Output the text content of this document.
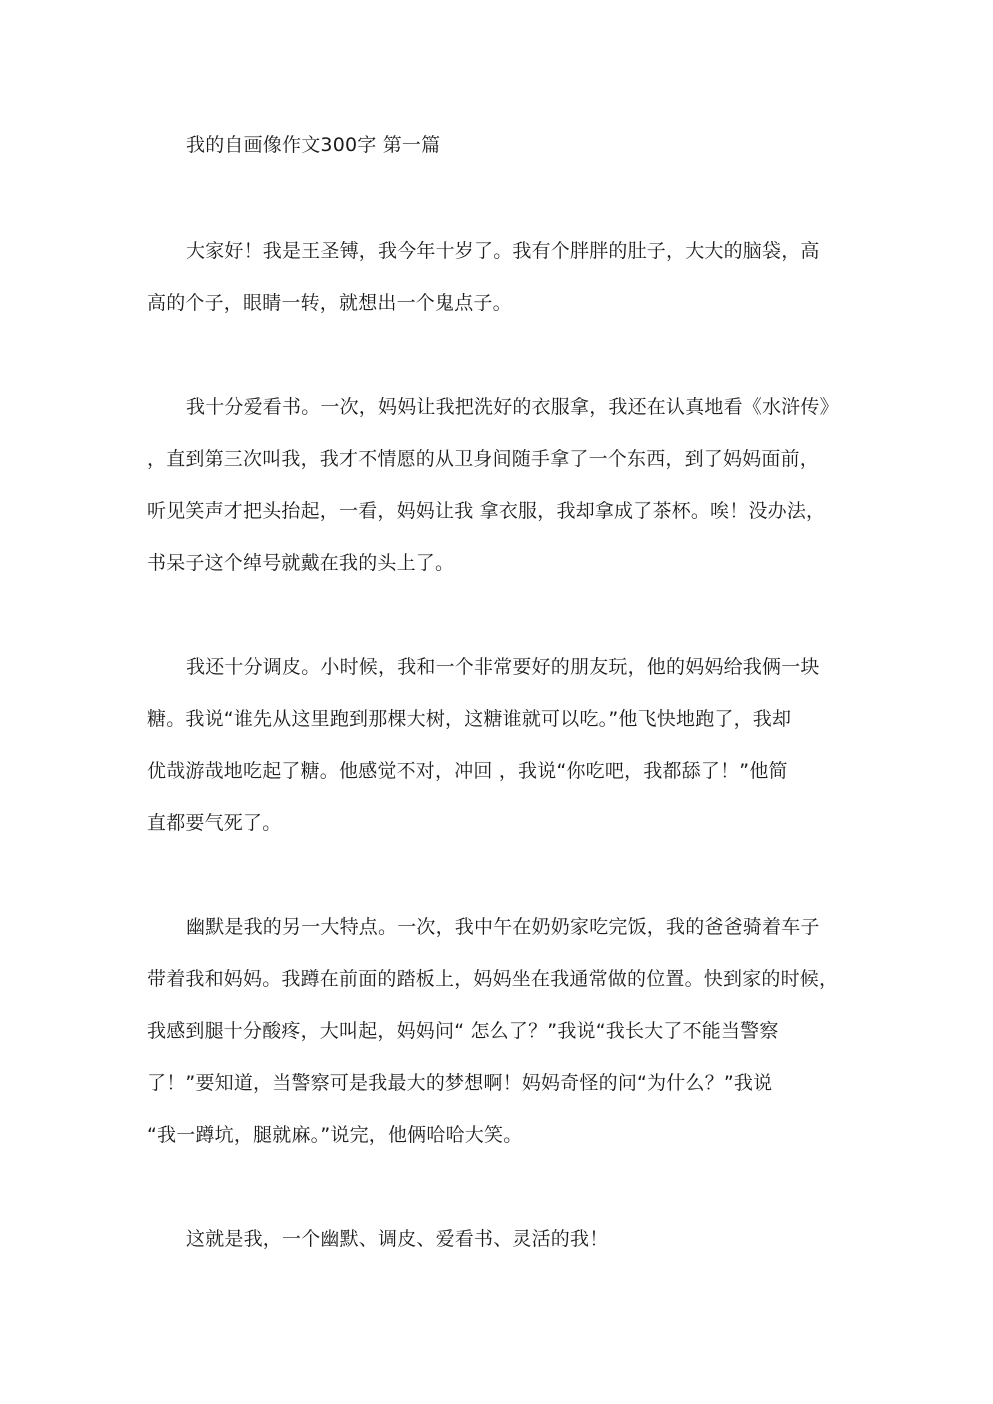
我的自画像作文300字 第一篇
大家好！我是王圣镈，我今年十岁了。我有个胖胖的肚子，大大的脑袋，高
高的个子，眼睛一转，就想出一个鬼点子。
我十分爱看书。一次，妈妈让我把洗好的衣服拿，我还在认真地看《水浒传》
，直到第三次叫我，我才不情愿的从卫身间随手拿了一个东西，到了妈妈面前，
听见笑声才把头抬起，一看，妈妈让我 拿衣服，我却拿成了茶杯。唉！没办法，
书呆子这个绰号就戴在我的头上了。
我还十分调皮。小时候，我和一个非常要好的朋友玩，他的妈妈给我俩一块
糖。我说“谁先从这里跑到那棵大树，这糖谁就可以吃。”他飞快地跑了，我却
优哉游哉地吃起了糖。他感觉不对，冲回 ，我说“你吃吧，我都舔了！”他简
直都要气死了。
幽默是我的另一大特点。一次，我中午在奶奶家吃完饭，我的爸爸骑着车子
带着我和妈妈。我蹲在前面的踏板上，妈妈坐在我通常做的位置。快到家的时候，
我感到腿十分酸疼，大叫起，妈妈问“ 怎么了？”我说“我长大了不能当警察
了！”要知道，当警察可是我最大的梦想啊！妈妈奇怪的问“为什么？”我说
“我一蹲坑，腿就麻。”说完，他俩哈哈大笑。
这就是我，一个幽默、调皮、爱看书、灵活的我！
